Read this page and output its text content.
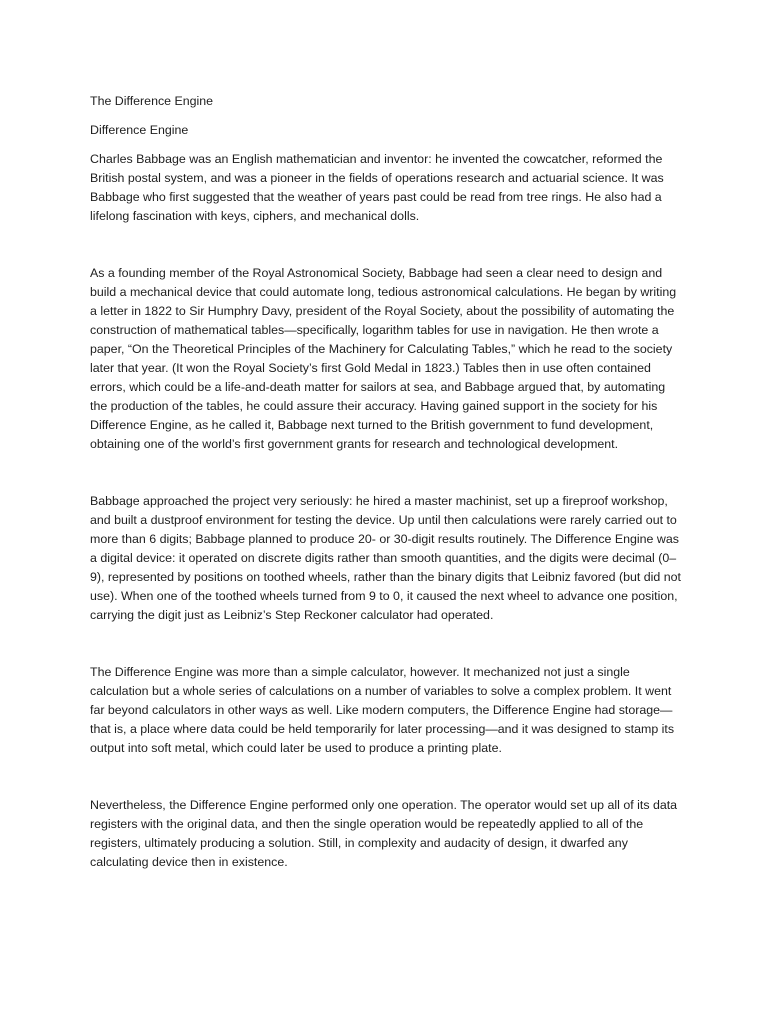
The Difference Engine

Difference Engine

Charles Babbage was an English mathematician and inventor: he invented the cowcatcher, reformed the British postal system, and was a pioneer in the fields of operations research and actuarial science. It was Babbage who first suggested that the weather of years past could be read from tree rings. He also had a lifelong fascination with keys, ciphers, and mechanical dolls.

As a founding member of the Royal Astronomical Society, Babbage had seen a clear need to design and build a mechanical device that could automate long, tedious astronomical calculations. He began by writing a letter in 1822 to Sir Humphry Davy, president of the Royal Society, about the possibility of automating the construction of mathematical tables—specifically, logarithm tables for use in navigation. He then wrote a paper, “On the Theoretical Principles of the Machinery for Calculating Tables,” which he read to the society later that year. (It won the Royal Society’s first Gold Medal in 1823.) Tables then in use often contained errors, which could be a life-and-death matter for sailors at sea, and Babbage argued that, by automating the production of the tables, he could assure their accuracy. Having gained support in the society for his Difference Engine, as he called it, Babbage next turned to the British government to fund development, obtaining one of the world’s first government grants for research and technological development.

Babbage approached the project very seriously: he hired a master machinist, set up a fireproof workshop, and built a dustproof environment for testing the device. Up until then calculations were rarely carried out to more than 6 digits; Babbage planned to produce 20- or 30-digit results routinely. The Difference Engine was a digital device: it operated on discrete digits rather than smooth quantities, and the digits were decimal (0–9), represented by positions on toothed wheels, rather than the binary digits that Leibniz favored (but did not use). When one of the toothed wheels turned from 9 to 0, it caused the next wheel to advance one position, carrying the digit just as Leibniz’s Step Reckoner calculator had operated.

The Difference Engine was more than a simple calculator, however. It mechanized not just a single calculation but a whole series of calculations on a number of variables to solve a complex problem. It went far beyond calculators in other ways as well. Like modern computers, the Difference Engine had storage—that is, a place where data could be held temporarily for later processing—and it was designed to stamp its output into soft metal, which could later be used to produce a printing plate.

Nevertheless, the Difference Engine performed only one operation. The operator would set up all of its data registers with the original data, and then the single operation would be repeatedly applied to all of the registers, ultimately producing a solution. Still, in complexity and audacity of design, it dwarfed any calculating device then in existence.
